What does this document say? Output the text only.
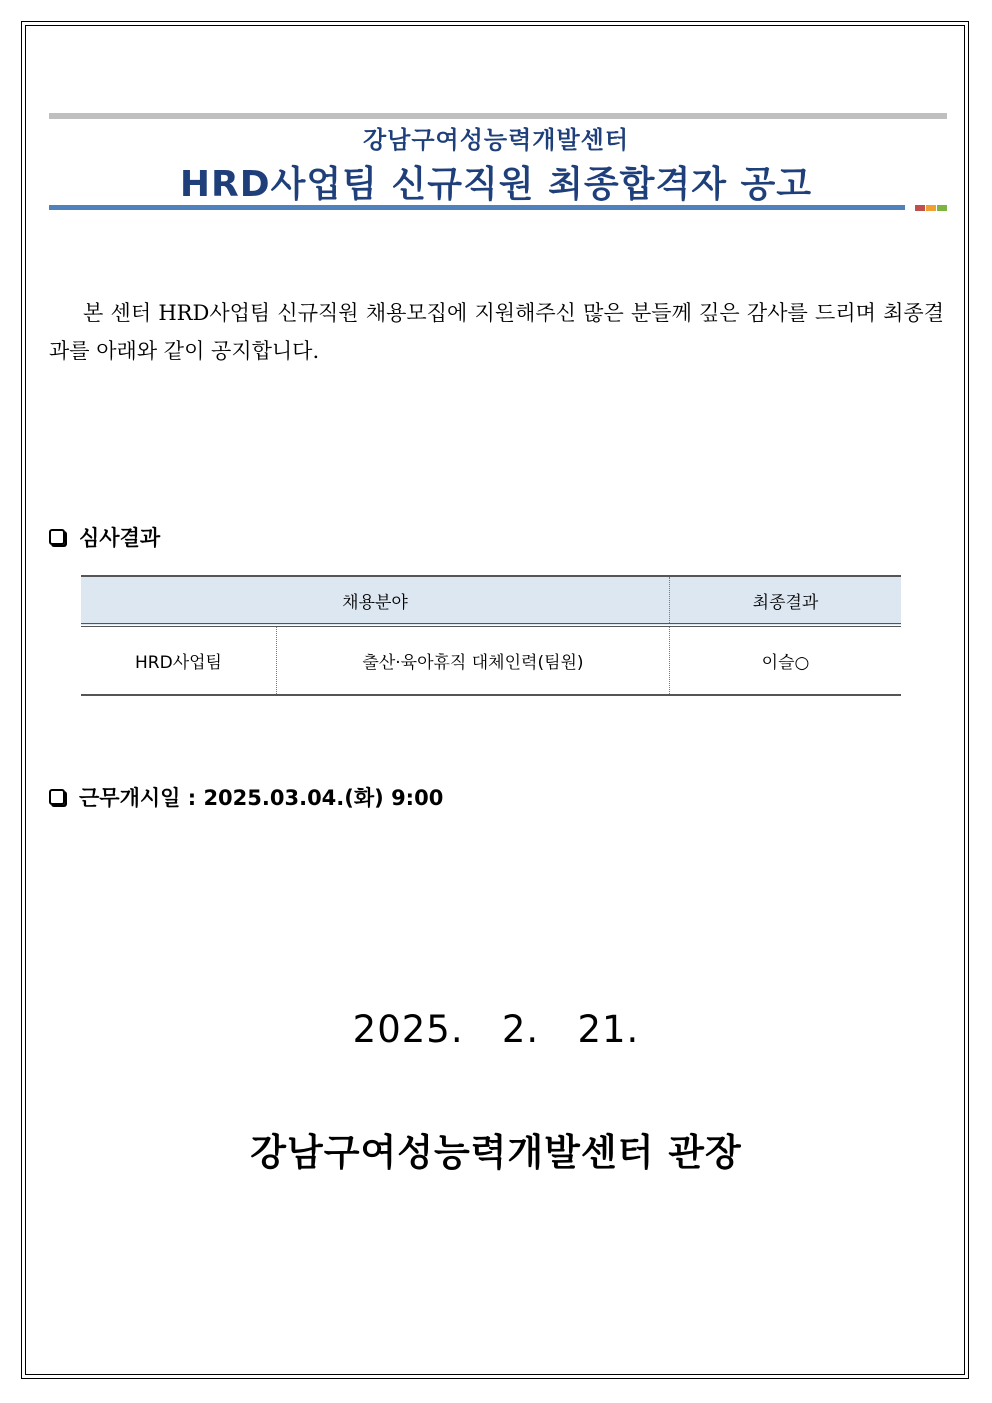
강남구여성능력개발센터
HRD사업팀 신규직원 최종합격자 공고
본 센터 HRD사업팀 신규직원 채용모집에 지원해주신 많은 분들께 깊은 감사를 드리며 최종결과를 아래와 같이 공지합니다.
심사결과
채용분야		최종결과
HRD사업팀	출산·육아휴직 대체인력(팀원)	이슬○
근무개시일 : 2025.03.04.(화) 9:00
2025.   2.   21.
강남구여성능력개발센터 관장
